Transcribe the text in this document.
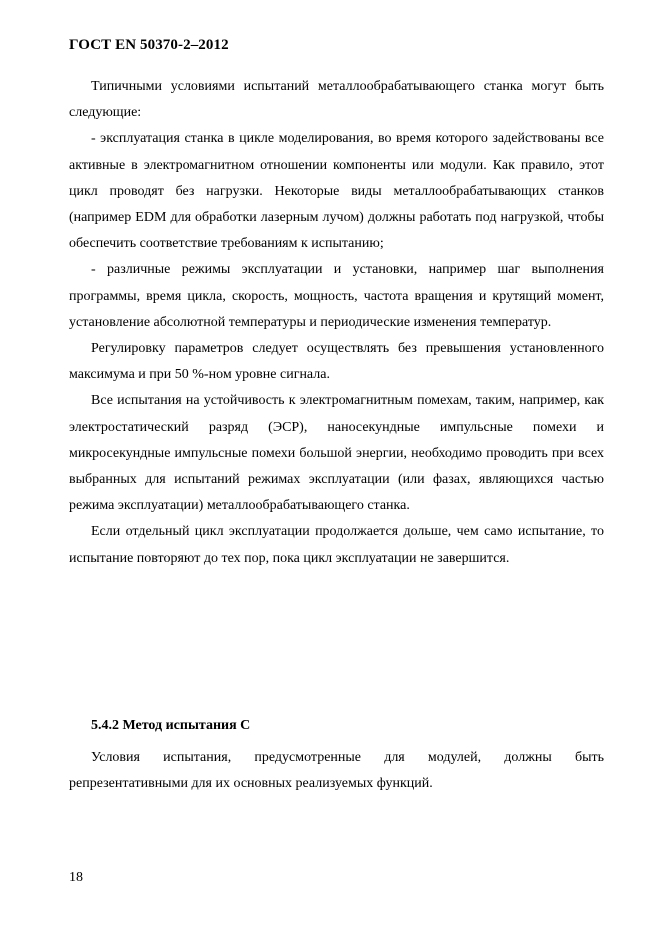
ГОСТ EN 50370-2–2012

Типичными условиями испытаний металлообрабатывающего станка могут быть следующие:

- эксплуатация станка в цикле моделирования, во время которого задействованы все активные в электромагнитном отношении компоненты или модули. Как правило, этот цикл проводят без нагрузки. Некоторые виды металлообрабатывающих станков (например EDM для обработки лазерным лучом) должны работать под нагрузкой, чтобы обеспечить соответствие требованиям к испытанию;

- различные режимы эксплуатации и установки, например шаг выполнения программы, время цикла, скорость, мощность, частота вращения и крутящий момент, установление абсолютной температуры и периодические изменения температур.

Регулировку параметров следует осуществлять без превышения установленного максимума и при 50 %-ном уровне сигнала.

Все испытания на устойчивость к электромагнитным помехам, таким, например, как электростатический разряд (ЭСР), наносекундные импульсные помехи и микросекундные импульсные помехи большой энергии, необходимо проводить при всех выбранных для испытаний режимах эксплуатации (или фазах, являющихся частью режима эксплуатации) металлообрабатывающего станка.

Если отдельный цикл эксплуатации продолжается дольше, чем само испытание, то испытание повторяют до тех пор, пока цикл эксплуатации не завершится.

5.4.2 Метод испытания С

Условия испытания, предусмотренные для модулей, должны быть репрезентативными для их основных реализуемых функций.

18
